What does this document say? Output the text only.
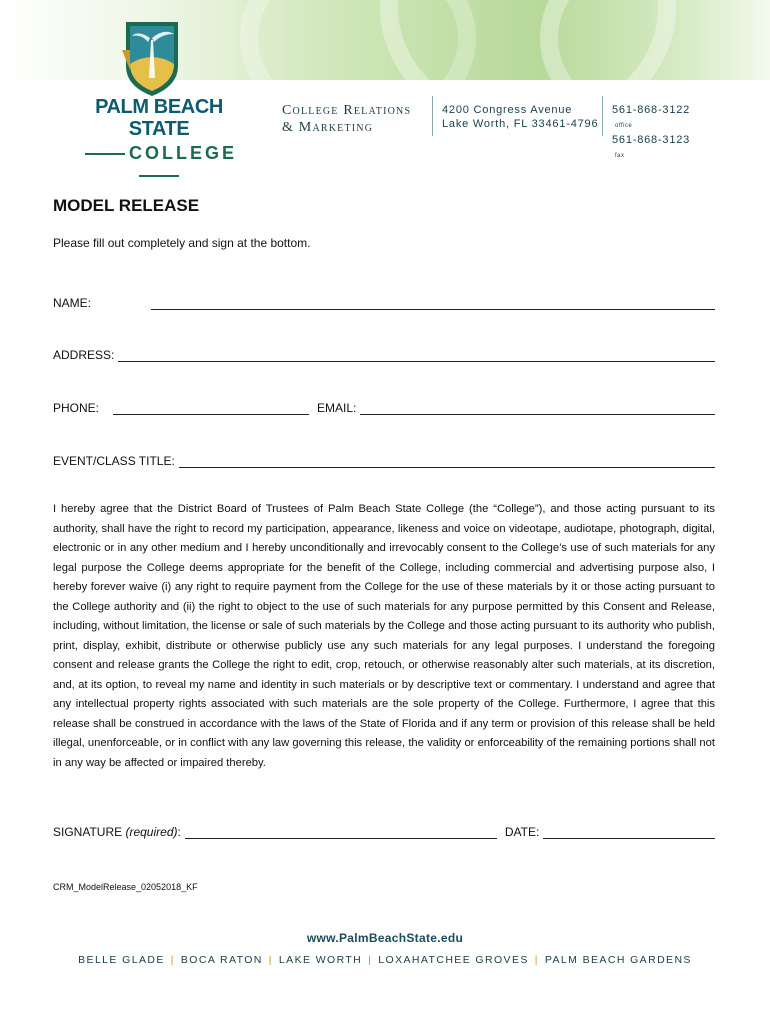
PALM BEACH STATE
COLLEGE
College Relations
& Marketing
4200 Congress Avenue
Lake Worth, FL 33461-4796
561-868-3122
office
561-868-3123
fax
MODEL RELEASE
Please fill out completely and sign at the bottom.
NAME:
ADDRESS:
PHONE:	EMAIL:
EVENT/CLASS TITLE:

I hereby agree that the District Board of Trustees of Palm Beach State College (the “College”), and those acting pursuant to its authority, shall have the right to record my participation, appearance, likeness and voice on videotape, audiotape, photograph, digital, electronic or in any other medium and I hereby unconditionally and irrevocably consent to the College’s use of such materials for any legal purpose the College deems appropriate for the benefit of the College, including commercial and advertising purpose also, I hereby forever waive (i) any right to require payment from the College for the use of these materials by it or those acting pursuant to the College authority and (ii) the right to object to the use of such materials for any purpose permitted by this Consent and Release, including, without limitation, the license or sale of such materials by the College and those acting pursuant to its authority who publish, print, display, exhibit, distribute or otherwise publicly use any such materials for any legal purposes. I understand the foregoing consent and release grants the College the right to edit, crop, retouch, or otherwise reasonably alter such materials, at its discretion, and, at its option, to reveal my name and identity in such materials or by descriptive text or commentary. I understand and agree that any intellectual property rights associated with such materials are the sole property of the College. Furthermore, I agree that this release shall be construed in accordance with the laws of the State of Florida and if any term or provision of this release shall be held illegal, unenforceable, or in conflict with any law governing this release, the validity or enforceability of the remaining portions shall not in any way be affected or impaired thereby.

SIGNATURE (required):	DATE:
CRM_ModelRelease_02052018_KF
www.PalmBeachState.edu
BELLE GLADE | BOCA RATON | LAKE WORTH | LOXAHATCHEE GROVES | PALM BEACH GARDENS
